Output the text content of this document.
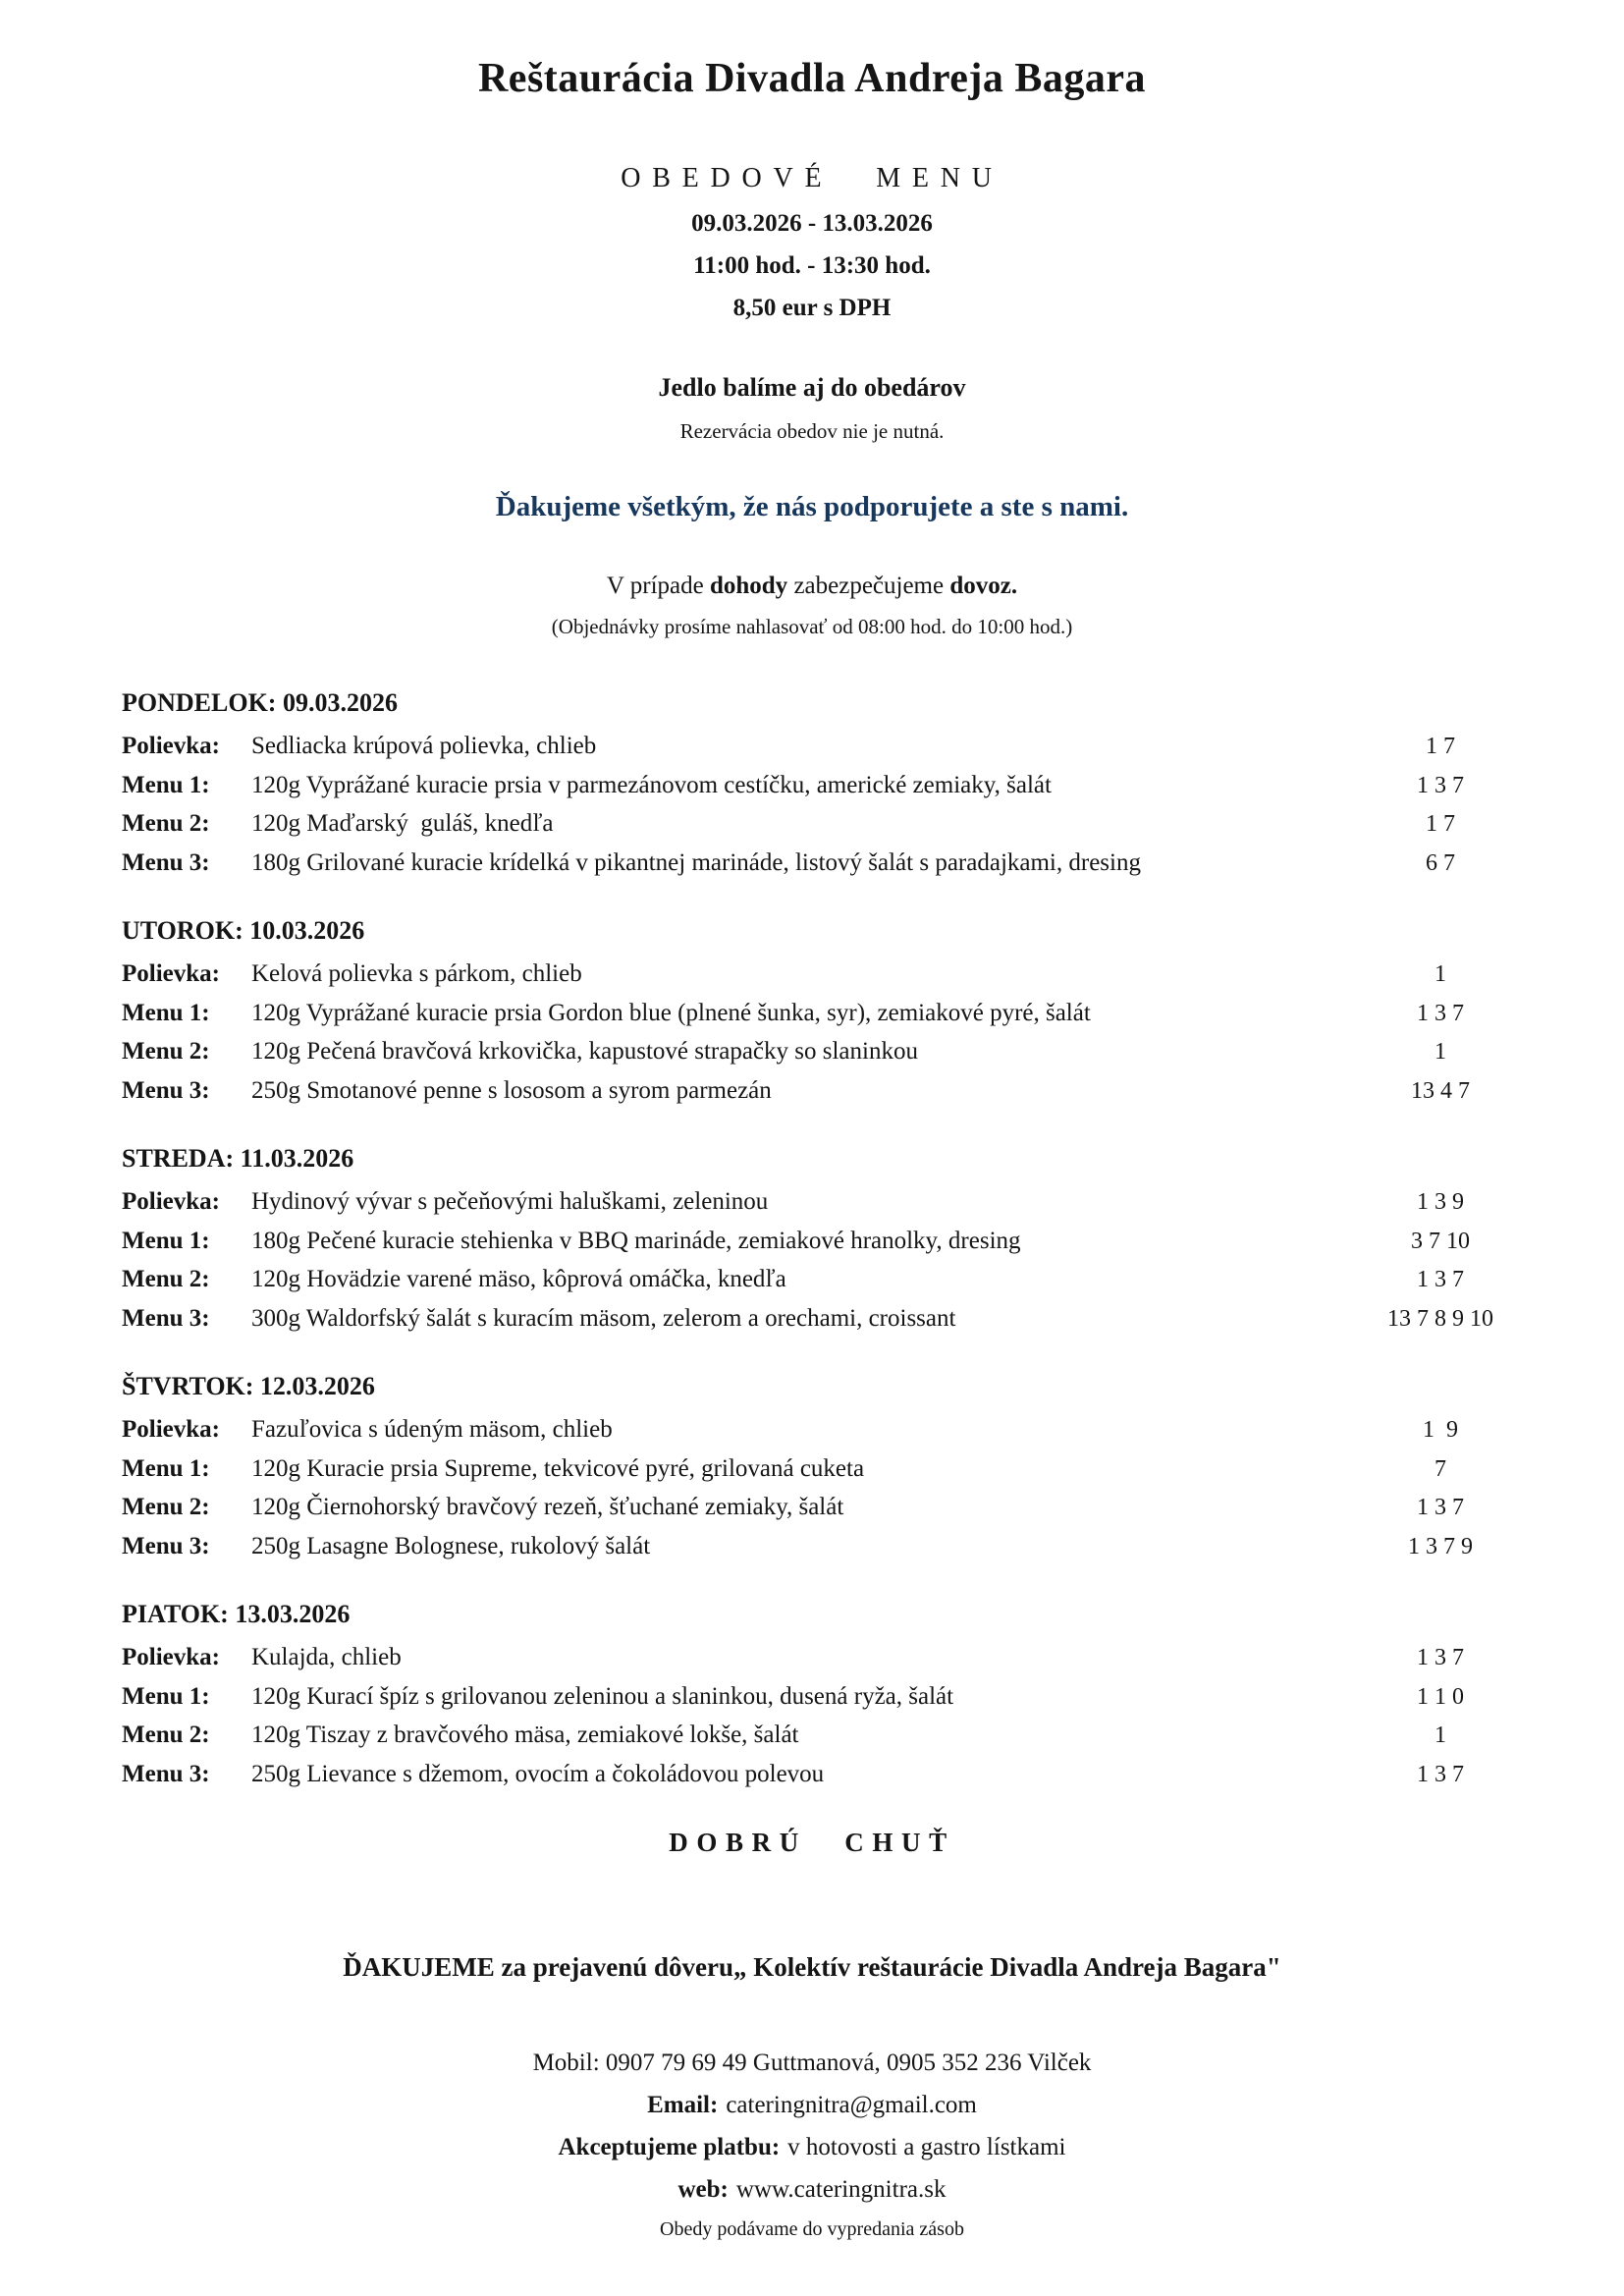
Reštaurácia Divadla Andreja Bagara
OBEDOVÉ MENU
09.03.2026 - 13.03.2026
11:00 hod. - 13:30 hod.
8,50 eur s DPH
Jedlo balíme aj do obedárov
Rezervácia obedov nie je nutná.
Ďakujeme všetkým, že nás podporujete a ste s nami.
V prípade dohody zabezpečujeme dovoz.
(Objednávky prosíme nahlasovať od 08:00 hod. do 10:00 hod.)
PONDELOK: 09.03.2026
Polievka:	Sedliacka krúpová polievka, chlieb	1 7
Menu 1:	120g Vyprážané kuracie prsia v parmezánovom cestíčku, americké zemiaky, šalát	1 3 7
Menu 2:	120g Maďarský  guláš, knedľa	1 7
Menu 3:	180g Grilované kuracie krídelká v pikantnej marináde, listový šalát s paradajkami, dresing	6 7
UTOROK: 10.03.2026
Polievka:	Kelová polievka s párkom, chlieb	1
Menu 1:	120g Vyprážané kuracie prsia Gordon blue (plnené šunka, syr), zemiakové pyré, šalát	1 3 7
Menu 2:	120g Pečená bravčová krkovička, kapustové strapačky so slaninkou	1
Menu 3:	250g Smotanové penne s lososom a syrom parmezán	13 4 7
STREDA: 11.03.2026
Polievka:	Hydinový vývar s pečeňovými haluškami, zeleninou	1 3 9
Menu 1:	180g Pečené kuracie stehienka v BBQ marináde, zemiakové hranolky, dresing	3 7 10
Menu 2:	120g Hovädzie varené mäso, kôprová omáčka, knedľa	1 3 7
Menu 3:	300g Waldorfský šalát s kuracím mäsom, zelerom a orechami, croissant	13 7 8 9 10
ŠTVRTOK: 12.03.2026
Polievka:	Fazuľovica s údeným mäsom, chlieb	1  9
Menu 1:	120g Kuracie prsia Supreme, tekvicové pyré, grilovaná cuketa	7
Menu 2:	120g Čiernohorský bravčový rezeň, šťuchané zemiaky, šalát	1 3 7
Menu 3:	250g Lasagne Bolognese, rukolový šalát	1 3 7 9
PIATOK: 13.03.2026
Polievka:	Kulajda, chlieb	1 3 7
Menu 1:	120g Kurací špíz s grilovanou zeleninou a slaninkou, dusená ryža, šalát	1 1 0
Menu 2:	120g Tiszay z bravčového mäsa, zemiakové lokše, šalát	1
Menu 3:	250g Lievance s džemom, ovocím a čokoládovou polevou	1 3 7
DOBRÚ CHUŤ
ĎAKUJEME za prejavenú dôveru„ Kolektív reštaurácie Divadla Andreja Bagara"
Mobil: 0907 79 69 49 Guttmanová, 0905 352 236 Vilček
Email: cateringnitra@gmail.com
Akceptujeme platbu: v hotovosti a gastro lístkami
web: www.cateringnitra.sk
Obedy podávame do vypredania zásob
